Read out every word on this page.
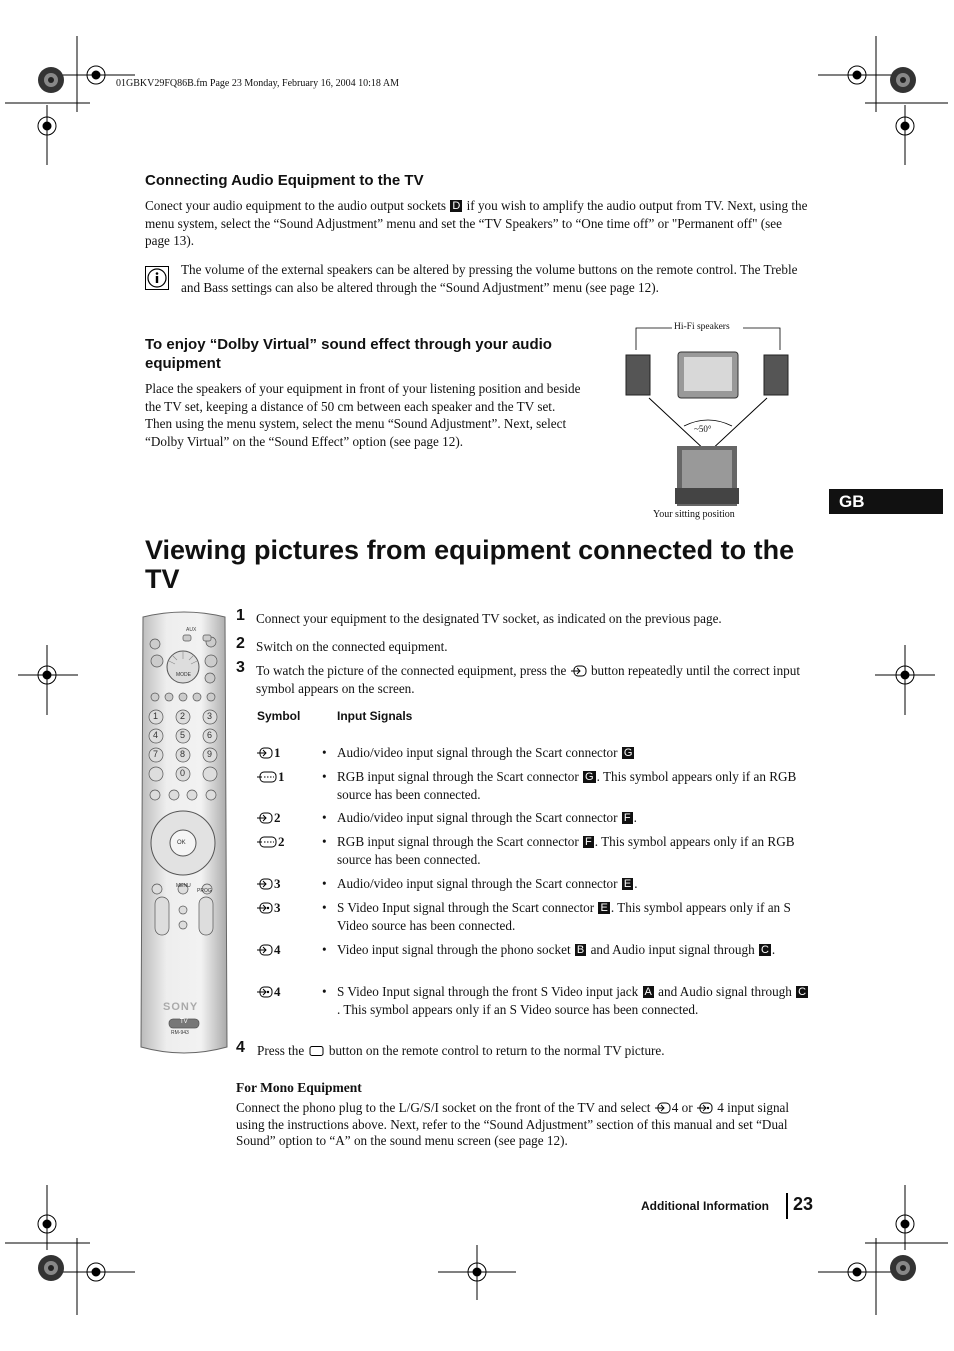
01GBKV29FQ86B.fm Page 23 Monday, February 16, 2004 10:18 AM
Connecting Audio Equipment to the TV
Conect your audio equipment to the audio output sockets D if you wish to amplify the audio output from TV. Next, using the menu system, select the “Sound Adjustment” menu and set the “TV Speakers” to “One time off” or "Permanent off" (see page 13).
The volume of the external speakers can be altered by pressing the volume buttons on the remote control. The Treble and Bass settings can also be altered through the “Sound Adjustment” menu (see page 12).
To enjoy “Dolby Virtual” sound effect through your audio equipment
Place the speakers of your equipment in front of your listening position and beside the TV set, keeping a distance of 50 cm between each speaker and the TV set.
Then using the menu system, select the menu “Sound Adjustment”. Next, select “Dolby Virtual” on the “Sound Effect” option (see page 12).
Hi-Fi speakers
~50°
Your sitting position
GB
Viewing pictures from equipment connected to the TV
AUX
MODE
1 2 3
4 5 6
7 8 9
0
OK
MENU
PROG
SONY
TV
RM-943
1 Connect your equipment to the designated TV socket, as indicated on the previous page.
2 Switch on the connected equipment.
3 To watch the picture of the connected equipment, press the button repeatedly until the correct input symbol appears on the screen.
Symbol	Input Signals
1	• Audio/video input signal through the Scart connector G
1	• RGB input signal through the Scart connector G . This symbol appears only if an RGB source has been connected.
2	• Audio/video input signal through the Scart connector F .
2	• RGB input signal through the Scart connector F . This symbol appears only if an RGB source has been connected.
3	• Audio/video input signal through the Scart connector E .
3	• S Video Input signal through the Scart connector E . This symbol appears only if an S Video source has been connected.
4	• Video input signal through the phono socket B and Audio input signal through C .
4	• S Video Input signal through the front S Video input jack A and Audio signal through C. This symbol appears only if an S Video source has been connected.
4 Press the button on the remote control to return to the normal TV picture.
For Mono Equipment
Connect the phono plug to the L/G/S/I socket on the front of the TV and select 4 or 4 input signal using the instructions above. Next, refer to the “Sound Adjustment” section of this manual and set “Dual Sound” option to “A” on the sound menu screen (see page 12).
Additional Information 23
